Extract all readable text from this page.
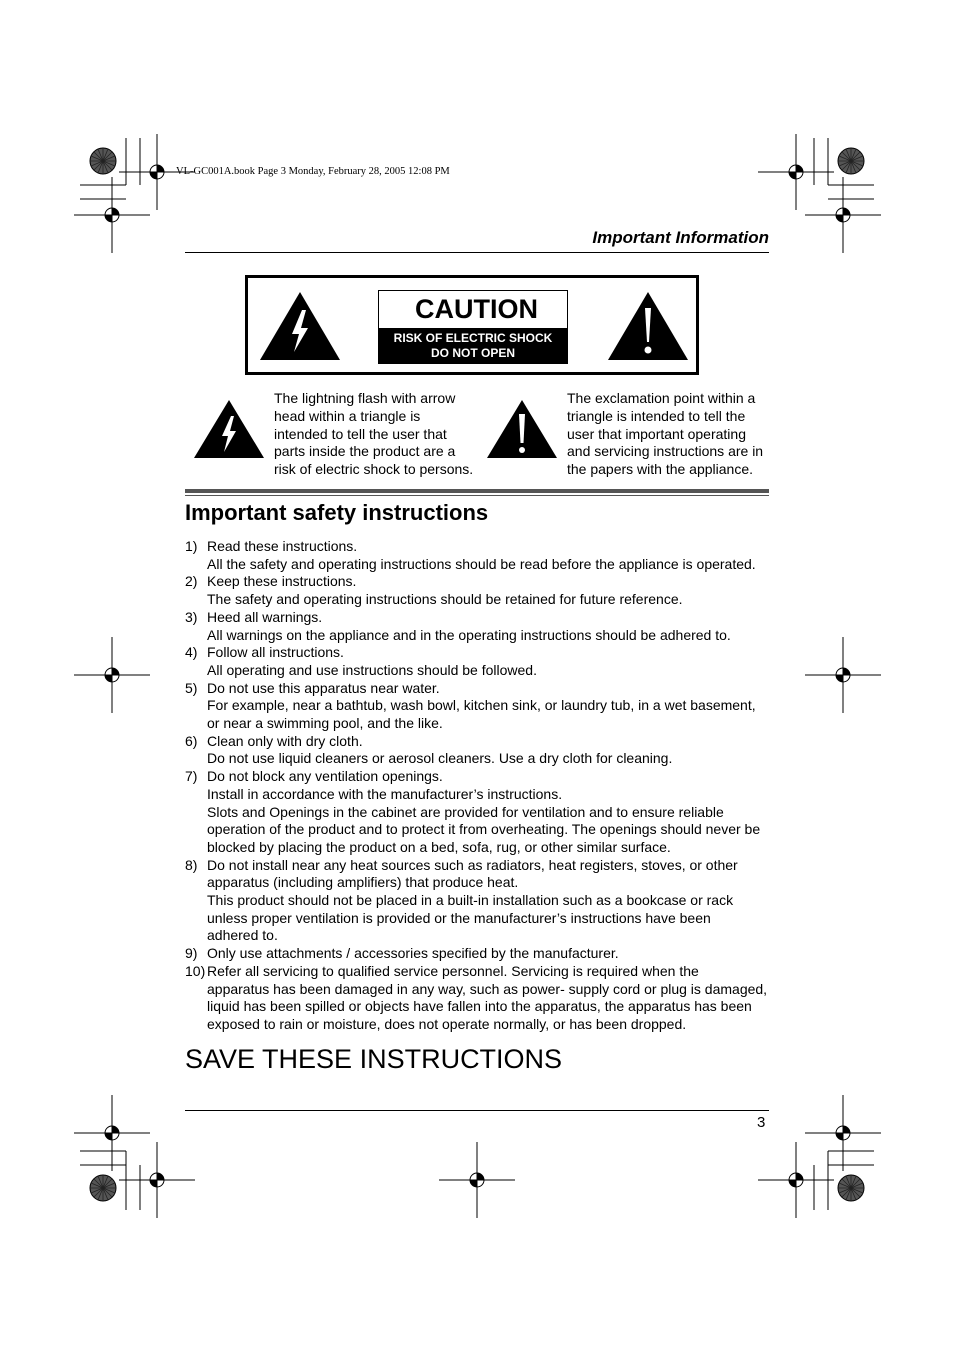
VL-GC001A.book Page 3 Monday, February 28, 2005 12:08 PM
Important Information
CAUTION
RISK OF ELECTRIC SHOCK
DO NOT OPEN
The lightning flash with arrow
head within a triangle is
intended to tell the user that
parts inside the product are a
risk of electric shock to persons.
The exclamation point within a
triangle is intended to tell the
user that important operating
and servicing instructions are in
the papers with the appliance.
Important safety instructions
1) Read these instructions.
All the safety and operating instructions should be read before the appliance is operated.
2) Keep these instructions.
The safety and operating instructions should be retained for future reference.
3) Heed all warnings.
All warnings on the appliance and in the operating instructions should be adhered to.
4) Follow all instructions.
All operating and use instructions should be followed.
5) Do not use this apparatus near water.
For example, near a bathtub, wash bowl, kitchen sink, or laundry tub, in a wet basement,
or near a swimming pool, and the like.
6) Clean only with dry cloth.
Do not use liquid cleaners or aerosol cleaners. Use a dry cloth for cleaning.
7) Do not block any ventilation openings.
Install in accordance with the manufacturer’s instructions.
Slots and Openings in the cabinet are provided for ventilation and to ensure reliable
operation of the product and to protect it from overheating. The openings should never be
blocked by placing the product on a bed, sofa, rug, or other similar surface.
8) Do not install near any heat sources such as radiators, heat registers, stoves, or other
apparatus (including amplifiers) that produce heat.
This product should not be placed in a built-in installation such as a bookcase or rack
unless proper ventilation is provided or the manufacturer’s instructions have been
adhered to.
9) Only use attachments / accessories specified by the manufacturer.
10) Refer all servicing to qualified service personnel. Servicing is required when the
apparatus has been damaged in any way, such as power- supply cord or plug is damaged,
liquid has been spilled or objects have fallen into the apparatus, the apparatus has been
exposed to rain or moisture, does not operate normally, or has been dropped.
SAVE THESE INSTRUCTIONS
3
